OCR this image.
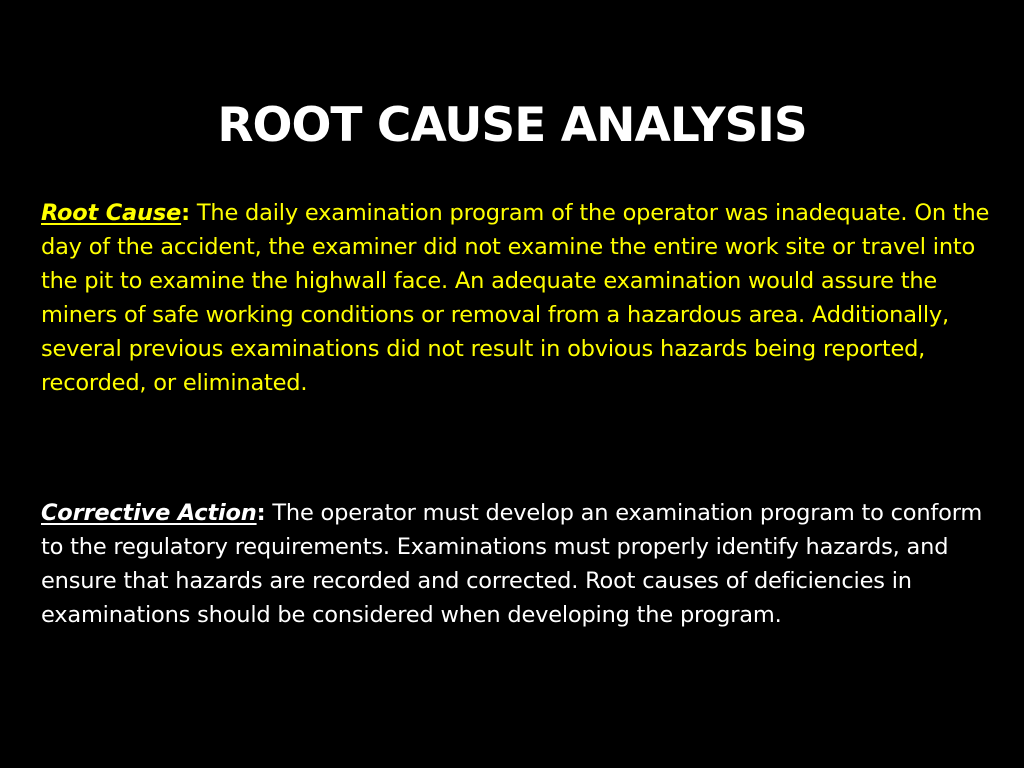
ROOT CAUSE ANALYSIS

Root Cause: The daily examination program of the operator was inadequate. On the day of the accident, the examiner did not examine the entire work site or travel into the pit to examine the highwall face. An adequate examination would assure the miners of safe working conditions or removal from a hazardous area. Additionally, several previous examinations did not result in obvious hazards being reported, recorded, or eliminated.

Corrective Action: The operator must develop an examination program to conform to the regulatory requirements. Examinations must properly identify hazards, and ensure that hazards are recorded and corrected. Root causes of deficiencies in examinations should be considered when developing the program.
